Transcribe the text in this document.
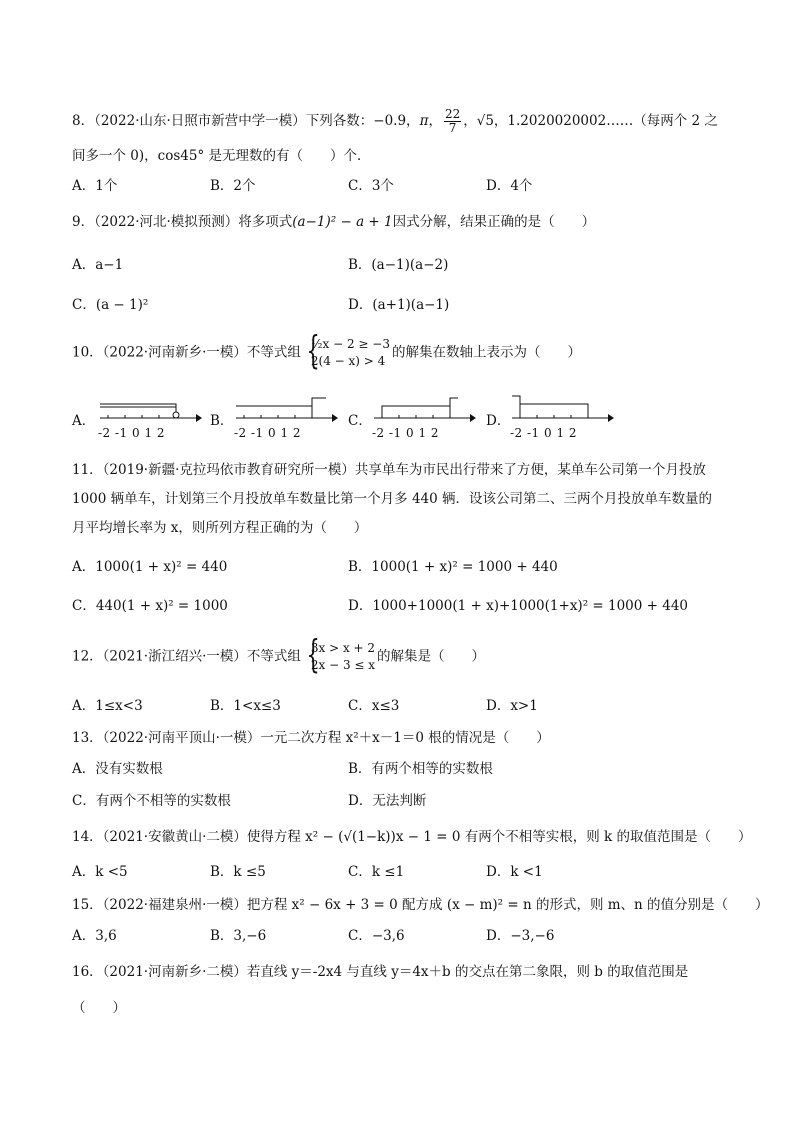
8．（2022·山东·日照市新营中学一模）下列各数：−0.9，π， $\frac{22}{7}$ ，√5，1.2020020002……（每两个 2 之
间多一个 0)，cos45° 是无理数的有（　　）个．
A．1个	B．2个	C．3个	D．4个
9．（2022·河北·模拟预测）将多项式(a−1)² − a + 1因式分解，结果正确的是（　　）
A．a−1	B．(a−1)(a−2)
C．(a − 1)²	D．(a+1)(a−1)
10．（2022·河南新乡·一模）不等式组
{ ½x − 2 ≥ −3
2(4 − x) > 4
的解集在数轴上表示为（　　）
A．
-2 -1 0 1 2
B．
-2 -1 0 1 2
C．
-2 -1 0 1 2
D．
-2 -1 0 1 2
11．（2019·新疆·克拉玛依市教育研究所一模）共享单车为市民出行带来了方便，某单车公司第一个月投放
1000 辆单车，计划第三个月投放单车数量比第一个月多 440 辆．设该公司第二、三两个月投放单车数量的
月平均增长率为 x，则所列方程正确的为（　　）
A．1000(1 + x)² = 440	B．1000(1 + x)² = 1000 + 440
C．440(1 + x)² = 1000	D．1000+1000(1 + x)+1000(1+x)² = 1000 + 440
12．（2021·浙江绍兴·一模）不等式组
{ 3x > x + 2
2x − 3 ≤ x
的解集是（　　）
A．1≤x<3	B．1<x≤3	C．x≤3	D．x>1
13．（2022·河南平顶山·一模）一元二次方程 x²＋x－1＝0 根的情况是（　　）
A．没有实数根	B．有两个相等的实数根
C．有两个不相等的实数根	D．无法判断
14．（2021·安徽黄山·二模）使得方程 x² − (√(1−k))x − 1 = 0 有两个不相等实根，则 k 的取值范围是（　　）
A．k <5	B．k ≤5	C．k ≤1	D．k <1
15．（2022·福建泉州·一模）把方程 x² − 6x + 3 = 0 配方成 (x − m)² = n 的形式，则 m、n 的值分别是（　　）
A．3,6	B．3,−6	C．−3,6	D．−3,−6
16．（2021·河南新乡·二模）若直线 y＝-2x4 与直线 y＝4x＋b 的交点在第二象限，则 b 的取值范围是
（　　）
